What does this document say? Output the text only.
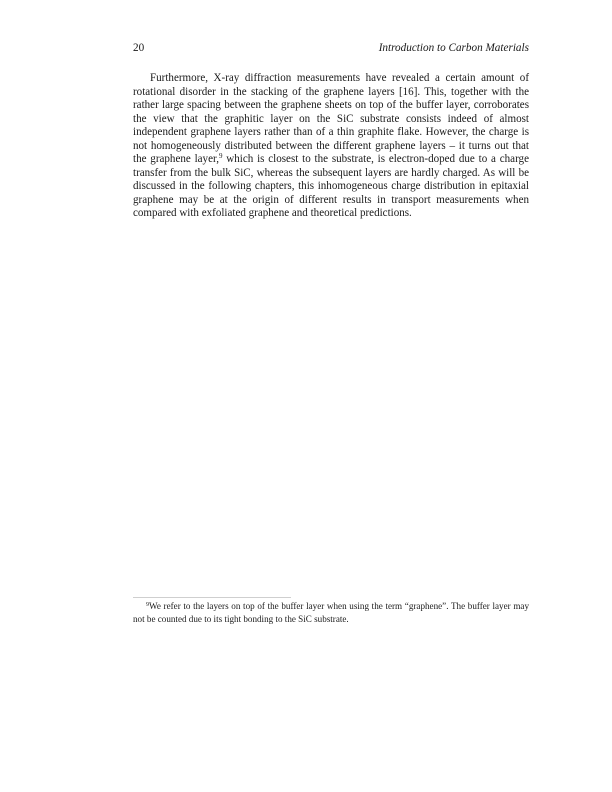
20	Introduction to Carbon Materials

Furthermore, X-ray diffraction measurements have revealed a certain amount of rotational disorder in the stacking of the graphene layers [16]. This, together with the rather large spacing between the graphene sheets on top of the buffer layer, corroborates the view that the graphitic layer on the SiC substrate consists indeed of almost independent graphene layers rather than of a thin graphite flake. However, the charge is not homogeneously distributed between the different graphene layers – it turns out that the graphene layer,$^9$ which is closest to the substrate, is electron-doped due to a charge transfer from the bulk SiC, whereas the subsequent layers are hardly charged. As will be discussed in the following chapters, this inhomogeneous charge distribution in epitaxial graphene may be at the origin of different results in transport measurements when compared with exfoliated graphene and theoretical predictions.

$^9$We refer to the layers on top of the buffer layer when using the term “graphene”. The buffer layer may not be counted due to its tight bonding to the SiC substrate.
